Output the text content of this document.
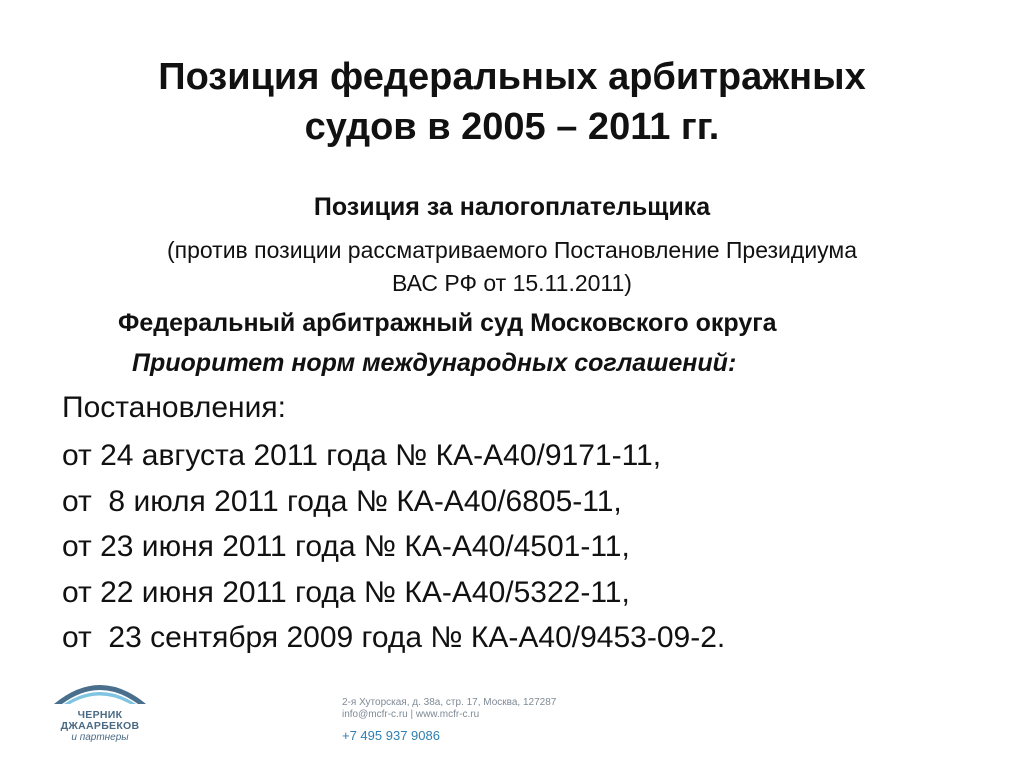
Позиция федеральных арбитражных
судов в 2005 – 2011 гг.
Позиция за налогоплательщика
(против позиции рассматриваемого Постановление Президиума
ВАС РФ от 15.11.2011)
Федеральный арбитражный суд Московского округа
Приоритет норм международных соглашений:
Постановления:
от 24 августа 2011 года № КА-А40/9171-11,
от  8 июля 2011 года № КА-А40/6805-11,
от 23 июня 2011 года № КА-А40/4501-11,
от 22 июня 2011 года № КА-А40/5322-11,
от  23 сентября 2009 года № КА-А40/9453-09-2.
ЧЕРНИК
ДЖААРБЕКОВ
и партнеры
2-я Хуторская, д. 38а, стр. 17, Москва, 127287
info@mcfr-c.ru | www.mcfr-c.ru
+7 495 937 9086
